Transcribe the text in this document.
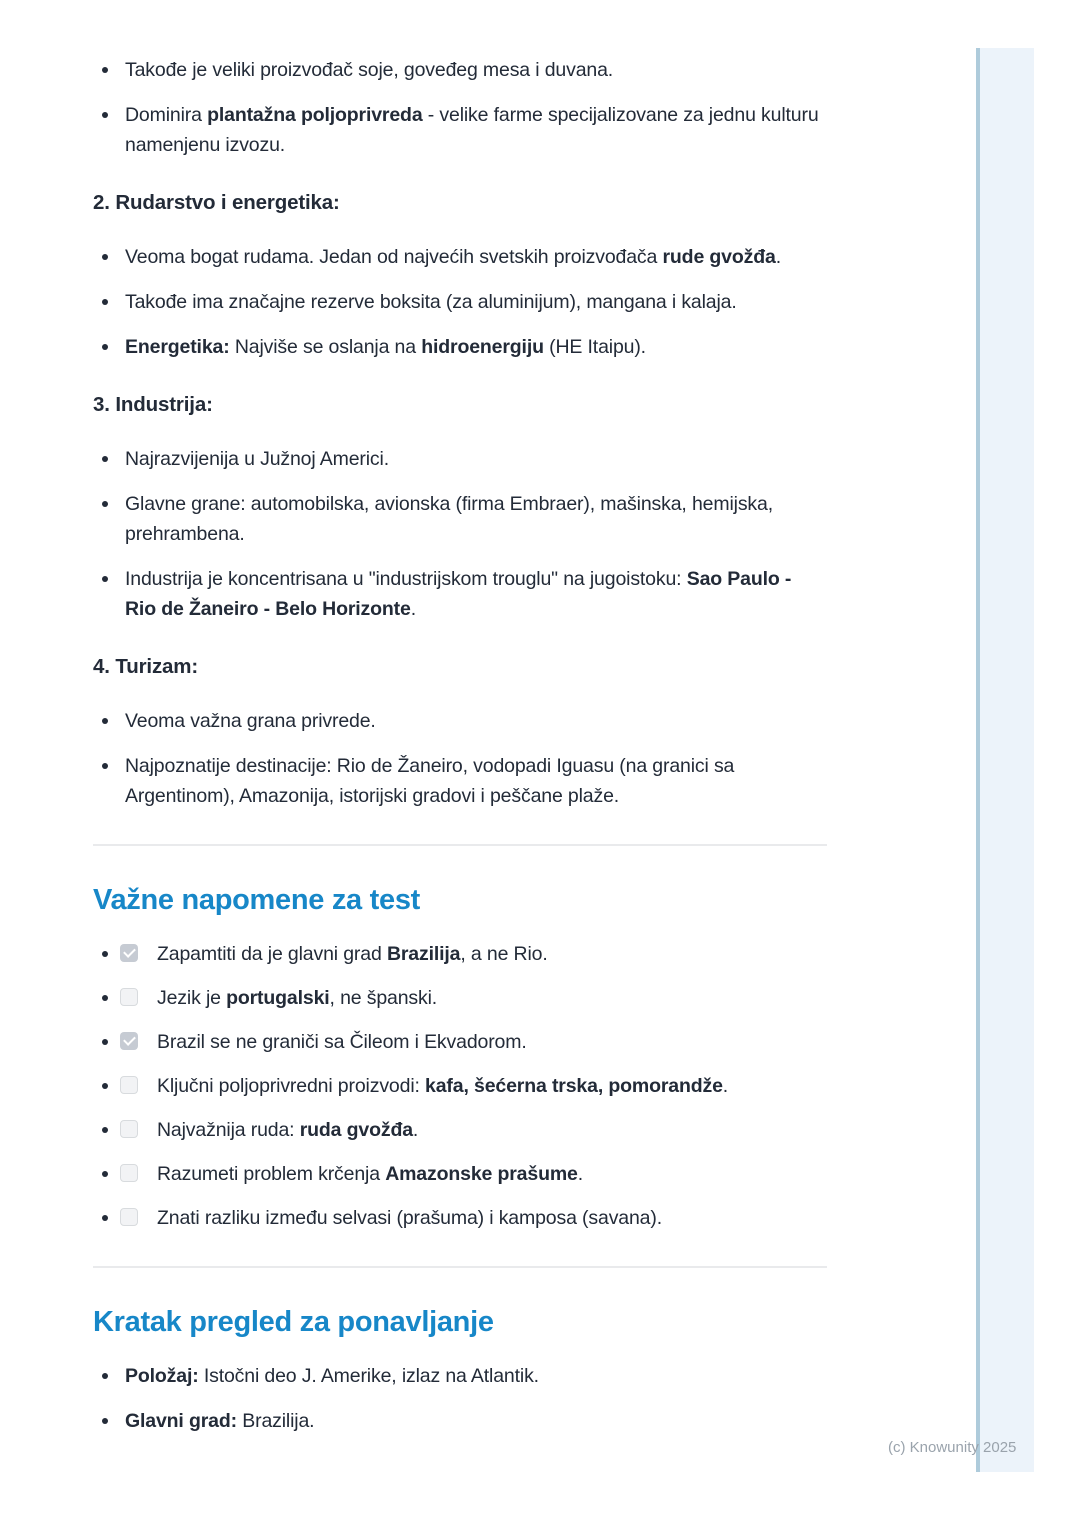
Takođe je veliki proizvođač soje, goveđeg mesa i duvana.
Dominira plantažna poljoprivreda - velike farme specijalizovane za jednu kulturu namenjenu izvozu.
2. Rudarstvo i energetika:
Veoma bogat rudama. Jedan od najvećih svetskih proizvođača rude gvožđa.
Takođe ima značajne rezerve boksita (za aluminijum), mangana i kalaja.
Energetika: Najviše se oslanja na hidroenergiju (HE Itaipu).
3. Industrija:
Najrazvijenija u Južnoj Americi.
Glavne grane: automobilska, avionska (firma Embraer), mašinska, hemijska, prehrambena.
Industrija je koncentrisana u "industrijskom trouglu" na jugoistoku: Sao Paulo - Rio de Žaneiro - Belo Horizonte.
4. Turizam:
Veoma važna grana privrede.
Najpoznatije destinacije: Rio de Žaneiro, vodopadi Iguasu (na granici sa Argentinom), Amazonija, istorijski gradovi i peščane plaže.
Važne napomene za test
Zapamtiti da je glavni grad Brazilija, a ne Rio.
Jezik je portugalski, ne španski.
Brazil se ne graniči sa Čileom i Ekvadorom.
Ključni poljoprivredni proizvodi: kafa, šećerna trska, pomorandže.
Najvažnija ruda: ruda gvožđa.
Razumeti problem krčenja Amazonske prašume.
Znati razliku između selvasi (prašuma) i kamposa (savana).
Kratak pregled za ponavljanje
Položaj: Istočni deo J. Amerike, izlaz na Atlantik.
Glavni grad: Brazilija.
(c) Knowunity 2025
